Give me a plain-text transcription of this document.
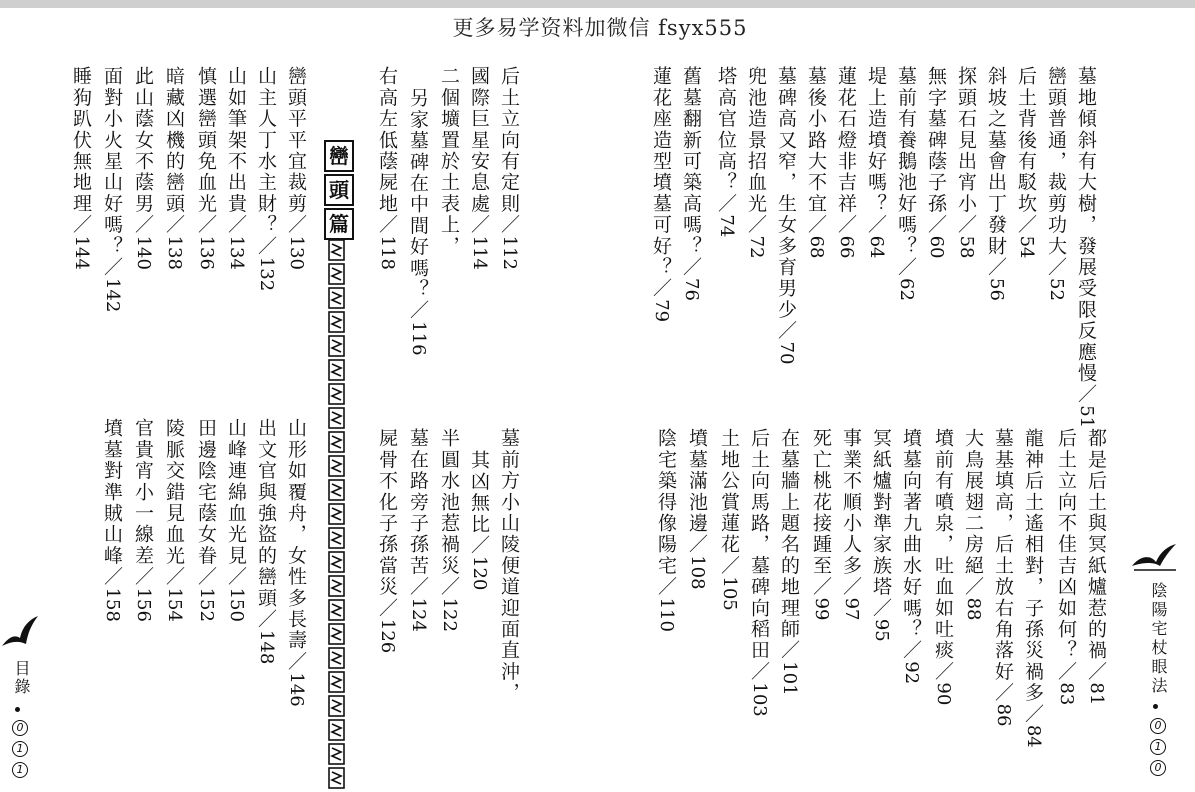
更多易学资料加微信 fsyx555
墓地傾斜有大樹，發展受限反應慢／51
巒頭普通，裁剪功大／52
后土背後有駁坎／54
斜坡之墓會出丁發財／56
探頭石見出宵小／58
無字墓碑蔭子孫／60
墓前有養鵝池好嗎？／62
堤上造墳好嗎？／64
蓮花石燈非吉祥／66
墓後小路大不宜／68
墓碑高又窄，生女多育男少／70
兜池造景招血光／72
塔高官位高？／74
舊墓翻新可築高嗎？／76
蓮花座造型墳墓可好？／79
后土立向有定則／112
國際巨星安息處／114
二個壙置於土表上，
另家墓碑在中間好嗎？／116
右高左低蔭屍地／118
巒頭平平宜裁剪／130
山主人丁水主財？／132
山如筆架不出貴／134
慎選巒頭免血光／136
暗藏凶機的巒頭／138
此山蔭女不蔭男／140
面對小火星山好嗎？／142
睡狗趴伏無地理／144
都是后土與冥紙爐惹的禍／81
后土立向不佳吉凶如何？／83
龍神后土遙相對，子孫災禍多／84
墓基填高，后土放右角落好／86
大鳥展翅二房絕／88
墳前有噴泉，吐血如吐痰／90
墳墓向著九曲水好嗎？／92
冥紙爐對準家族塔／95
事業不順小人多／97
死亡桃花接踵至／99
在墓牆上題名的地理師／101
后土向馬路，墓碑向稻田／103
土地公賞蓮花／105
墳墓滿池邊／108
陰宅築得像陽宅／110
墓前方小山陵便道迎面直沖，
其凶無比／120
半圓水池惹禍災／122
墓在路旁子孫苦／124
屍骨不化子孫當災／126
山形如覆舟，女性多長壽／146
出文官與強盜的巒頭／148
山峰連綿血光見／150
田邊陰宅蔭女眷／152
陵脈交錯見血光／154
官貴宵小一線差／156
墳墓對準賊山峰／158
巒
頭
篇
陰陽宅杖眼法
0
1
0
目錄
0
1
1
